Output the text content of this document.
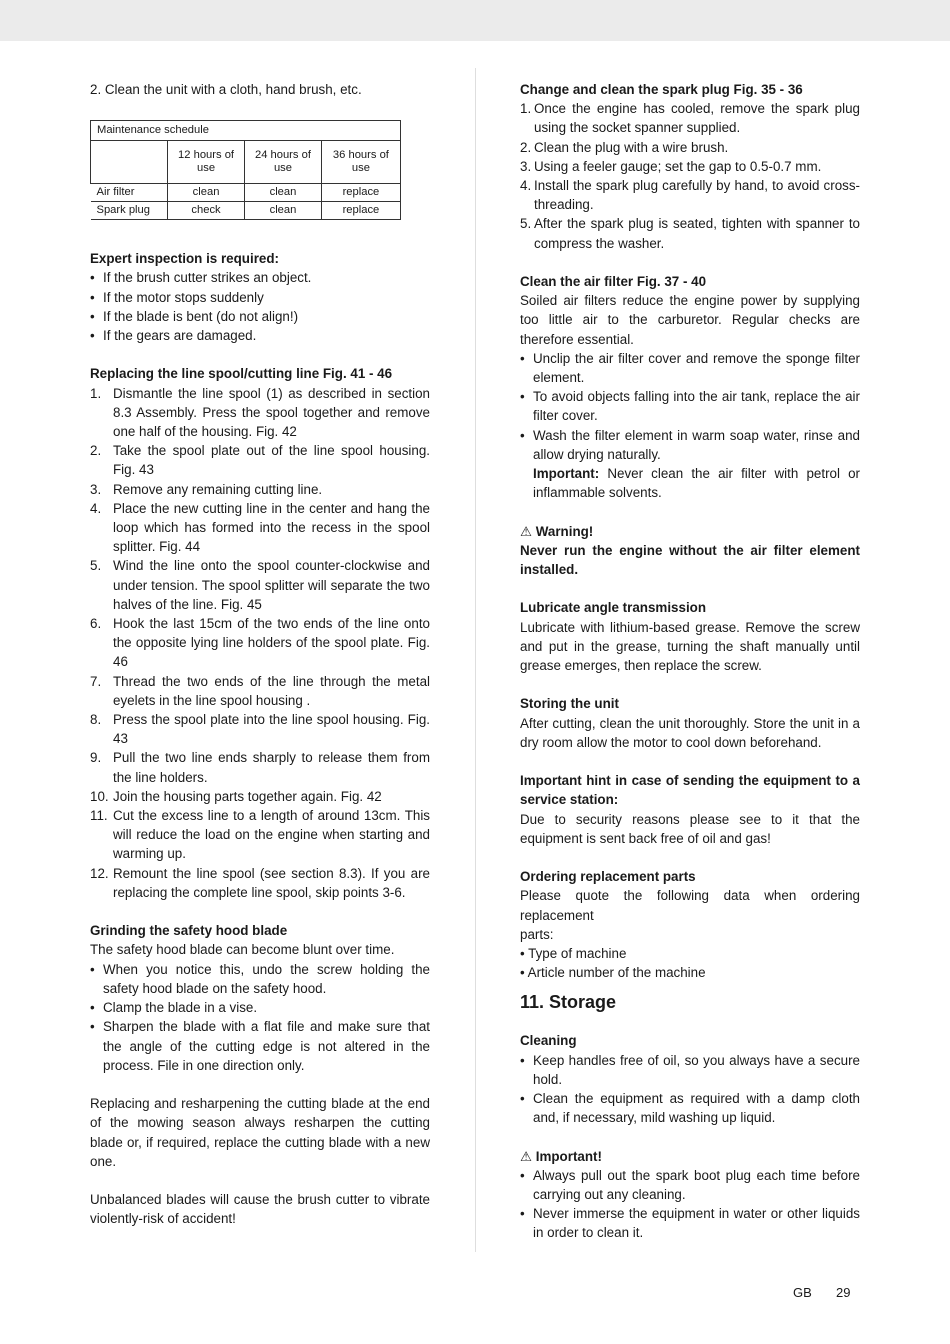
2. Clean the unit with a cloth, hand brush, etc.
Maintenance schedule			
	12 hours of use	24 hours of use	36 hours of use
Air filter	clean	clean	replace
Spark plug	check	clean	replace
Expert inspection is required:
• If the brush cutter strikes an object.
• If the motor stops suddenly
• If the blade is bent (do not align!)
• If the gears are damaged.
Replacing the line spool/cutting line Fig. 41 - 46
1. Dismantle the line spool (1) as described in section 8.3 Assembly. Press the spool together and remove one half of the housing. Fig. 42
2. Take the spool plate out of the line spool housing. Fig. 43
3. Remove any remaining cutting line.
4. Place the new cutting line in the center and hang the loop which has formed into the recess in the spool splitter. Fig. 44
5. Wind the line onto the spool counter-clockwise and under tension. The spool splitter will separate the two halves of the line. Fig. 45
6. Hook the last 15cm of the two ends of the line onto the opposite lying line holders of the spool plate. Fig. 46
7. Thread the two ends of the line through the metal eyelets in the line spool housing .
8. Press the spool plate into the line spool housing. Fig. 43
9. Pull the two line ends sharply to release them from the line holders.
10. Join the housing parts together again. Fig. 42
11. Cut the excess line to a length of around 13cm. This will reduce the load on the engine when starting and warming up.
12. Remount the line spool (see section 8.3). If you are replacing the complete line spool, skip points 3-6.
Grinding the safety hood blade
The safety hood blade can become blunt over time.
• When you notice this, undo the screw holding the safety hood blade on the safety hood.
• Clamp the blade in a vise.
• Sharpen the blade with a flat file and make sure that the angle of the cutting edge is not altered in the process. File in one direction only.
Replacing and resharpening the cutting blade at the end of the mowing season always resharpen the cutting blade or, if required, replace the cutting blade with a new one.
Unbalanced blades will cause the brush cutter to vibrate violently-risk of accident!
Change and clean the spark plug Fig. 35 - 36
1. Once the engine has cooled, remove the spark plug using the socket spanner supplied.
2. Clean the plug with a wire brush.
3. Using a feeler gauge; set the gap to 0.5-0.7 mm.
4. Install the spark plug carefully by hand, to avoid cross-threading.
5. After the spark plug is seated, tighten with spanner to compress the washer.
Clean the air filter Fig. 37 - 40
Soiled air filters reduce the engine power by supplying too little air to the carburetor. Regular checks are therefore essential.
• Unclip the air filter cover and remove the sponge filter element.
• To avoid objects falling into the air tank, replace the air filter cover.
• Wash the filter element in warm soap water, rinse and allow drying naturally.
Important: Never clean the air filter with petrol or inflammable solvents.
⚠ Warning!
Never run the engine without the air filter element installed.
Lubricate angle transmission
Lubricate with lithium-based grease. Remove the screw and put in the grease, turning the shaft manually until grease emerges, then replace the screw.
Storing the unit
After cutting, clean the unit thoroughly. Store the unit in a dry room allow the motor to cool down beforehand.
Important hint in case of sending the equipment to a service station:
Due to security reasons please see to it that the equipment is sent back free of oil and gas!
Ordering replacement parts
Please quote the following data when ordering
replacement
parts:
• Type of machine
• Article number of the machine
11. Storage
Cleaning
• Keep handles free of oil, so you always have a secure hold.
• Clean the equipment as required with a damp cloth and, if necessary, mild washing up liquid.
⚠ Important!
• Always pull out the spark boot plug each time before carrying out any cleaning.
• Never immerse the equipment in water or other liquids in order to clean it.
GB 29
